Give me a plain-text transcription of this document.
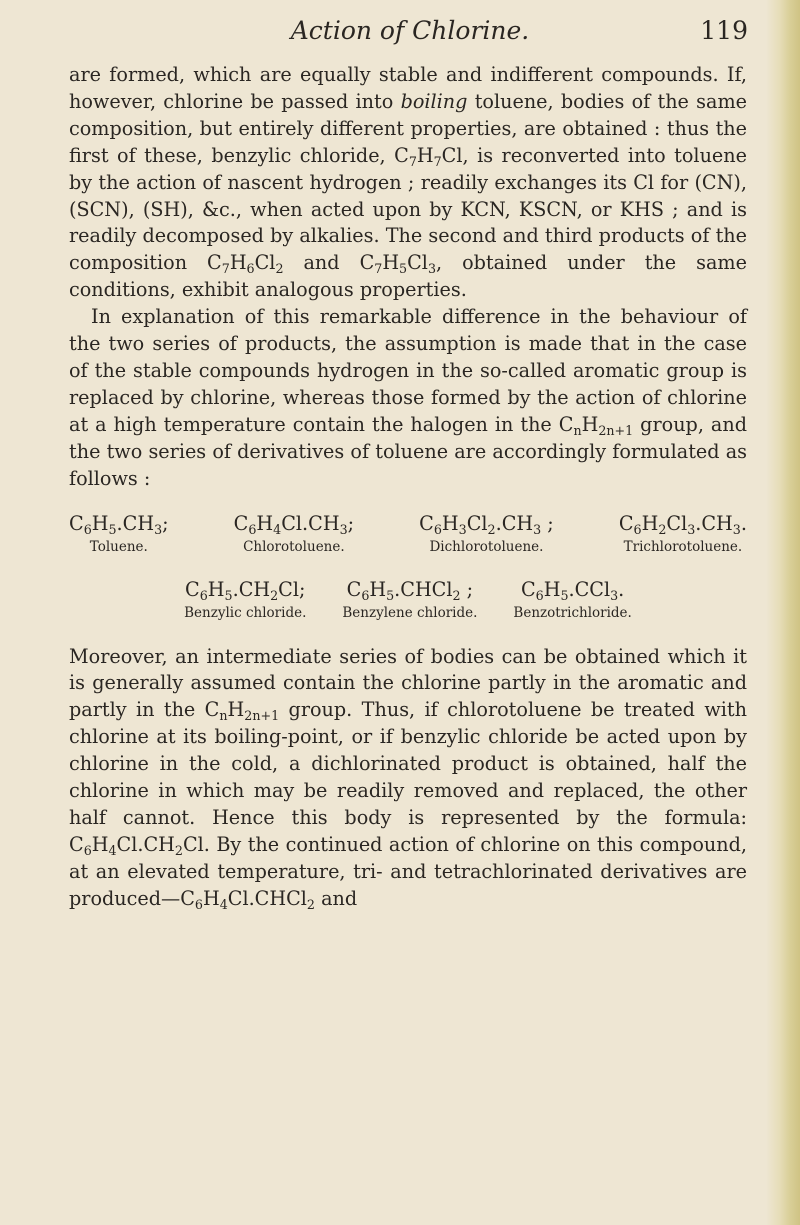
Action of Chlorine.	119

are formed, which are equally stable and indifferent compounds. If, however, chlorine be passed into boiling toluene, bodies of the same composition, but entirely different properties, are obtained : thus the first of these, benzylic chloride, $C_7H_7Cl$, is reconverted into toluene by the action of nascent hydrogen ; readily exchanges its Cl for (CN), (SCN), (SH), &c., when acted upon by KCN, KSCN, or KHS ; and is readily decomposed by alkalies. The second and third products of the composition $C_7H_6Cl_2$ and $C_7H_5Cl_3$, obtained under the same conditions, exhibit analogous properties.

In explanation of this remarkable difference in the behaviour of the two series of products, the assumption is made that in the case of the stable compounds hydrogen in the so-called aromatic group is replaced by chlorine, whereas those formed by the action of chlorine at a high temperature contain the halogen in the $C_nH_{2n+1}$ group, and the two series of derivatives of toluene are accordingly formulated as follows :

$C_6H_5.CH_3$;
Toluene.
$C_6H_4Cl.CH_3$;
Chlorotoluene.
$C_6H_3Cl_2.CH_3$ ;
Dichlorotoluene.
$C_6H_2Cl_3.CH_3$.
Trichlorotoluene.
$C_6H_5.CH_2Cl$;
Benzylic chloride.
$C_6H_5.CHCl_2$ ;
Benzylene chloride.
$C_6H_5.CCl_3$.
Benzotrichloride.

Moreover, an intermediate series of bodies can be obtained which it is generally assumed contain the chlorine partly in the aromatic and partly in the $C_nH_{2n+1}$ group. Thus, if chlorotoluene be treated with chlorine at its boiling-point, or if benzylic chloride be acted upon by chlorine in the cold, a dichlorinated product is obtained, half the chlorine in which may be readily removed and replaced, the other half cannot. Hence this body is represented by the formula: $C_6H_4Cl.CH_2Cl$. By the continued action of chlorine on this compound, at an elevated temperature, tri- and tetrachlorinated derivatives are $produced—C_6H_4Cl.CHCl_2$ and
